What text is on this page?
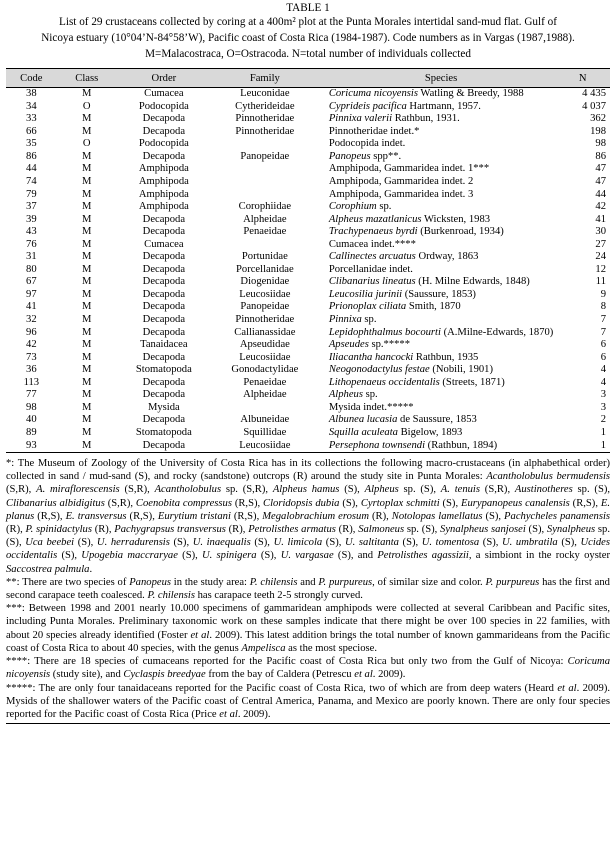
TABLE 1
List of 29 crustaceans collected by coring at a 400m² plot at the Punta Morales intertidal sand-mud flat. Gulf of
Nicoya estuary (10°04’N-84°58’W), Pacific coast of Costa Rica (1984-1987). Code numbers as in Vargas (1987,1988).
M=Malacostraca, O=Ostracoda. N=total number of individuals collected
Code	Class	Order	Family	Species	N
38	M	Cumacea	Leuconidae	Coricuma nicoyensis Watling & Breedy, 1988	4 435
34	O	Podocopida	Cytherideidae	Cyprideis pacifica Hartmann, 1957.	4 037
33	M	Decapoda	Pinnotheridae	Pinnixa valerii Rathbun, 1931.	362
66	M	Decapoda	Pinnotheridae	Pinnotheridae indet.*	198
35	O	Podocopida		Podocopida indet.	98
86	M	Decapoda	Panopeidae	Panopeus spp**.	86
44	M	Amphipoda		Amphipoda, Gammaridea indet. 1***	47
74	M	Amphipoda		Amphipoda, Gammaridea indet. 2	47
79	M	Amphipoda		Amphipoda, Gammaridea indet. 3	44
37	M	Amphipoda	Corophiidae	Corophium sp.	42
39	M	Decapoda	Alpheidae	Alpheus mazatlanicus Wicksten, 1983	41
43	M	Decapoda	Penaeidae	Trachypenaeus byrdi (Burkenroad, 1934)	30
76	M	Cumacea		Cumacea indet.****	27
31	M	Decapoda	Portunidae	Callinectes arcuatus Ordway, 1863	24
80	M	Decapoda	Porcellanidae	Porcellanidae indet.	12
67	M	Decapoda	Diogenidae	Clibanarius lineatus (H. Milne Edwards, 1848)	11
97	M	Decapoda	Leucosiidae	Leucosilia jurinii (Saussure, 1853)	9
41	M	Decapoda	Panopeidae	Prionoplax ciliata Smith, 1870	8
32	M	Decapoda	Pinnotheridae	Pinnixa sp.	7
96	M	Decapoda	Callianassidae	Lepidophthalmus bocourti (A.Milne-Edwards, 1870)	7
42	M	Tanaidacea	Apseudidae	Apseudes sp.*****	6
73	M	Decapoda	Leucosiidae	Iliacantha hancocki Rathbun, 1935	6
36	M	Stomatopoda	Gonodactylidae	Neogonodactylus festae (Nobili, 1901)	4
113	M	Decapoda	Penaeidae	Lithopenaeus occidentalis (Streets, 1871)	4
77	M	Decapoda	Alpheidae	Alpheus sp.	3
98	M	Mysida		Mysida indet.*****	3
40	M	Decapoda	Albuneidae	Albunea lucasia de Saussure, 1853	2
89	M	Stomatopoda	Squillidae	Squilla aculeata Bigelow, 1893	1
93	M	Decapoda	Leucosiidae	Persephona townsendi (Rathbun, 1894)	1

*: The Museum of Zoology of the University of Costa Rica has in its collections the following macro-crustaceans (in alphabethical order) collected in sand / mud-sand (S), and rocky (sandstone) outcrops (R) around the study site in Punta Morales: Acantholobulus bermudensis (S,R), A. miraflorescensis (S,R), Acantholobulus sp. (S,R), Alpheus hamus (S), Alpheus sp. (S), A. tenuis (S,R), Austinotheres sp. (S), Clibanarius albidigitus (S,R), Coenobita compressus (R,S), Cloridopsis dubia (S), Cyrtoplax schmitti (S), Eurypanopeus canalensis (R,S), E. planus (R,S), E. transversus (R,S), Eurytium tristani (R,S), Megalobrachium erosum (R), Notolopas lamellatus (S), Pachycheles panamensis (R), P. spinidactylus (R), Pachygrapsus transversus (R), Petrolisthes armatus (R), Salmoneus sp. (S), Synalpheus sanjosei (S), Synalpheus sp. (S), Uca beebei (S), U. herradurensis (S), U. inaequalis (S), U. limicola (S), U. saltitanta (S), U. tomentosa (S), U. umbratila (S), Ucides occidentalis (S), Upogebia maccraryae (S), U. spinigera (S), U. vargasae (S), and Petrolisthes agassizii, a simbiont in the rocky oyster Saccostrea palmula.

**: There are two species of Panopeus in the study area: P. chilensis and P. purpureus, of similar size and color. P. purpureus has the first and second carapace teeth coalesced. P. chilensis has carapace teeth 2-5 strongly curved.

***: Between 1998 and 2001 nearly 10.000 specimens of gammaridean amphipods were collected at several Caribbean and Pacific sites, including Punta Morales. Preliminary taxonomic work on these samples indicate that there might be over 100 species in 22 families, with about 20 species already identified (Foster et al. 2009). This latest addition brings the total number of known gammarideans from the Pacific coast of Costa Rica to about 40 species, with the genus Ampelisca as the most speciose.

****: There are 18 species of cumaceans reported for the Pacific coast of Costa Rica but only two from the Gulf of Nicoya: Coricuma nicoyensis (study site), and Cyclaspis breedyae from the bay of Caldera (Petrescu et al. 2009).

*****: The are only four tanaidaceans reported for the Pacific coast of Costa Rica, two of which are from deep waters (Heard et al. 2009). Mysids of the shallower waters of the Pacific coast of Central America, Panama, and Mexico are poorly known. There are only four species reported for the Pacific coast of Costa Rica (Price et al. 2009).
